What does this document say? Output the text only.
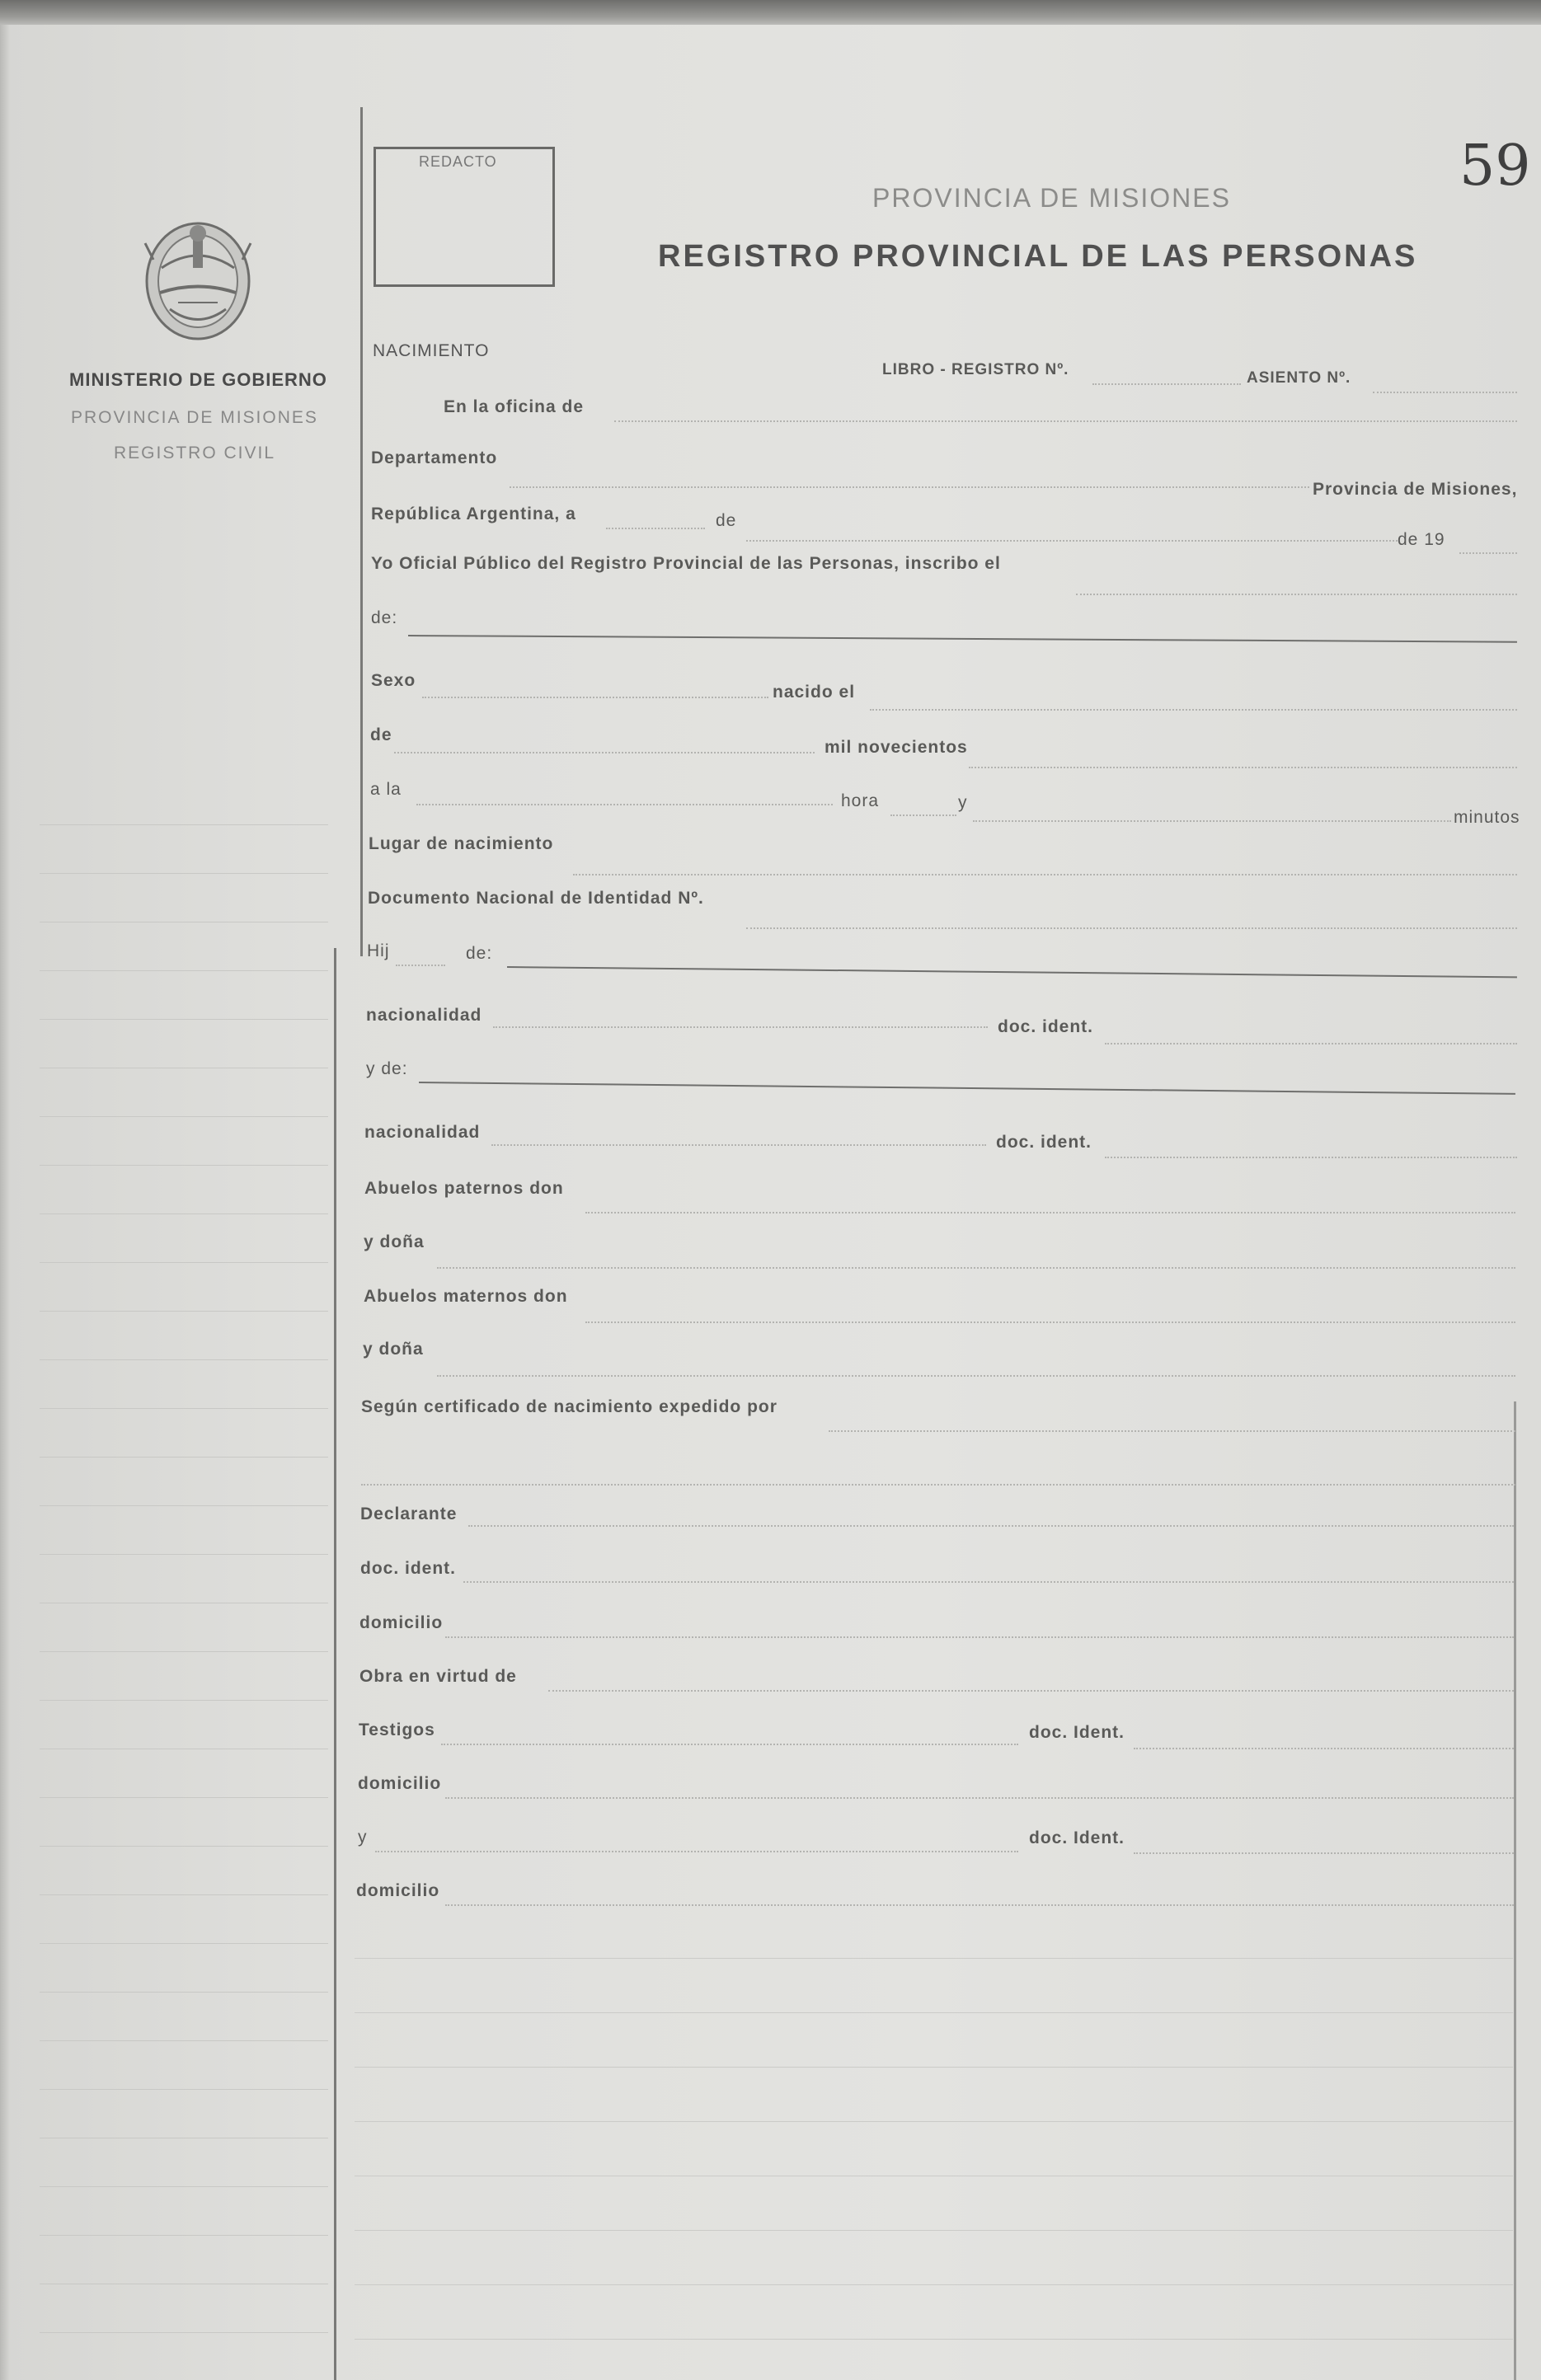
59
REDACTO
PROVINCIA DE MISIONES
REGISTRO PROVINCIAL DE LAS PERSONAS
MINISTERIO DE GOBIERNO
PROVINCIA DE MISIONES
REGISTRO CIVIL
NACIMIENTO
LIBRO - REGISTRO Nº.	ASIENTO Nº.
En la oficina de
Departamento
Provincia de Misiones,
República Argentina, a	de
de 19
Yo Oficial Público del Registro Provincial de las Personas, inscribo el
de:
Sexo
nacido el
de
mil novecientos
a la
hora	y
minutos
Lugar de nacimiento
Documento Nacional de Identidad Nº.
Hij	de:
nacionalidad
doc. ident.
y de:
nacionalidad
doc. ident.
Abuelos paternos don
y doña
Abuelos maternos don
y doña
Según certificado de nacimiento expedido por
Declarante
doc. ident.
domicilio
Obra en virtud de
Testigos	doc. Ident.
domicilio
y	doc. Ident.
domicilio
